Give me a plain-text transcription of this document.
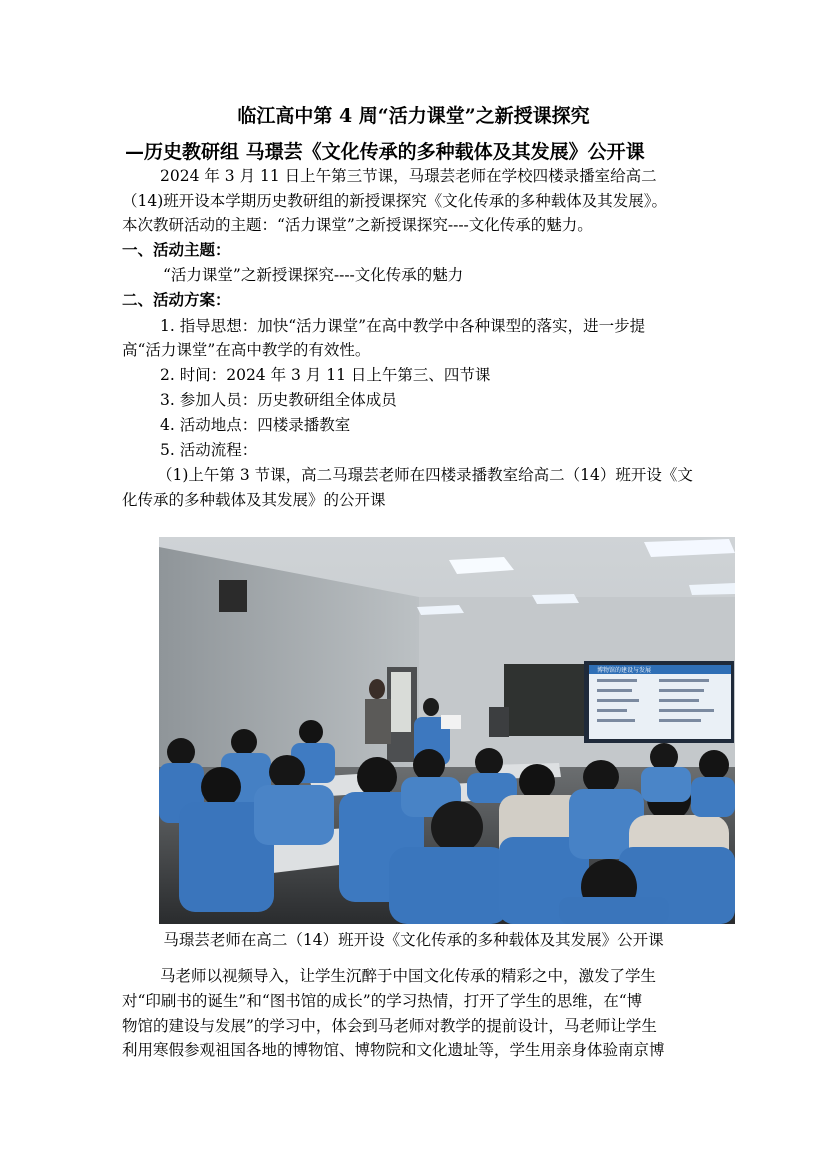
临江高中第 4 周“活力课堂”之新授课探究
—历史教研组 马璟芸《文化传承的多种载体及其发展》公开课
2024 年 3 月 11 日上午第三节课，马璟芸老师在学校四楼录播室给高二
（14)班开设本学期历史教研组的新授课探究《文化传承的多种载体及其发展》。
本次教研活动的主题：“活力课堂”之新授课探究----文化传承的魅力。
一、活动主题：
“活力课堂”之新授课探究----文化传承的魅力
二、活动方案：
1. 指导思想：加快“活力课堂”在高中教学中各种课型的落实，进一步提
高“活力课堂”在高中教学的有效性。
2. 时间：2024 年 3 月 11 日上午第三、四节课
3. 参加人员：历史教研组全体成员
4. 活动地点：四楼录播教室
5. 活动流程：
（1)上午第 3 节课，高二马璟芸老师在四楼录播教室给高二（14）班开设《文
化传承的多种载体及其发展》的公开课
博物馆的建设与发展
马璟芸老师在高二（14）班开设《文化传承的多种载体及其发展》公开课
马老师以视频导入，让学生沉醉于中国文化传承的精彩之中，激发了学生
对“印刷书的诞生”和“图书馆的成长”的学习热情，打开了学生的思维，在“博
物馆的建设与发展”的学习中，体会到马老师对教学的提前设计，马老师让学生
利用寒假参观祖国各地的博物馆、博物院和文化遗址等，学生用亲身体验南京博
